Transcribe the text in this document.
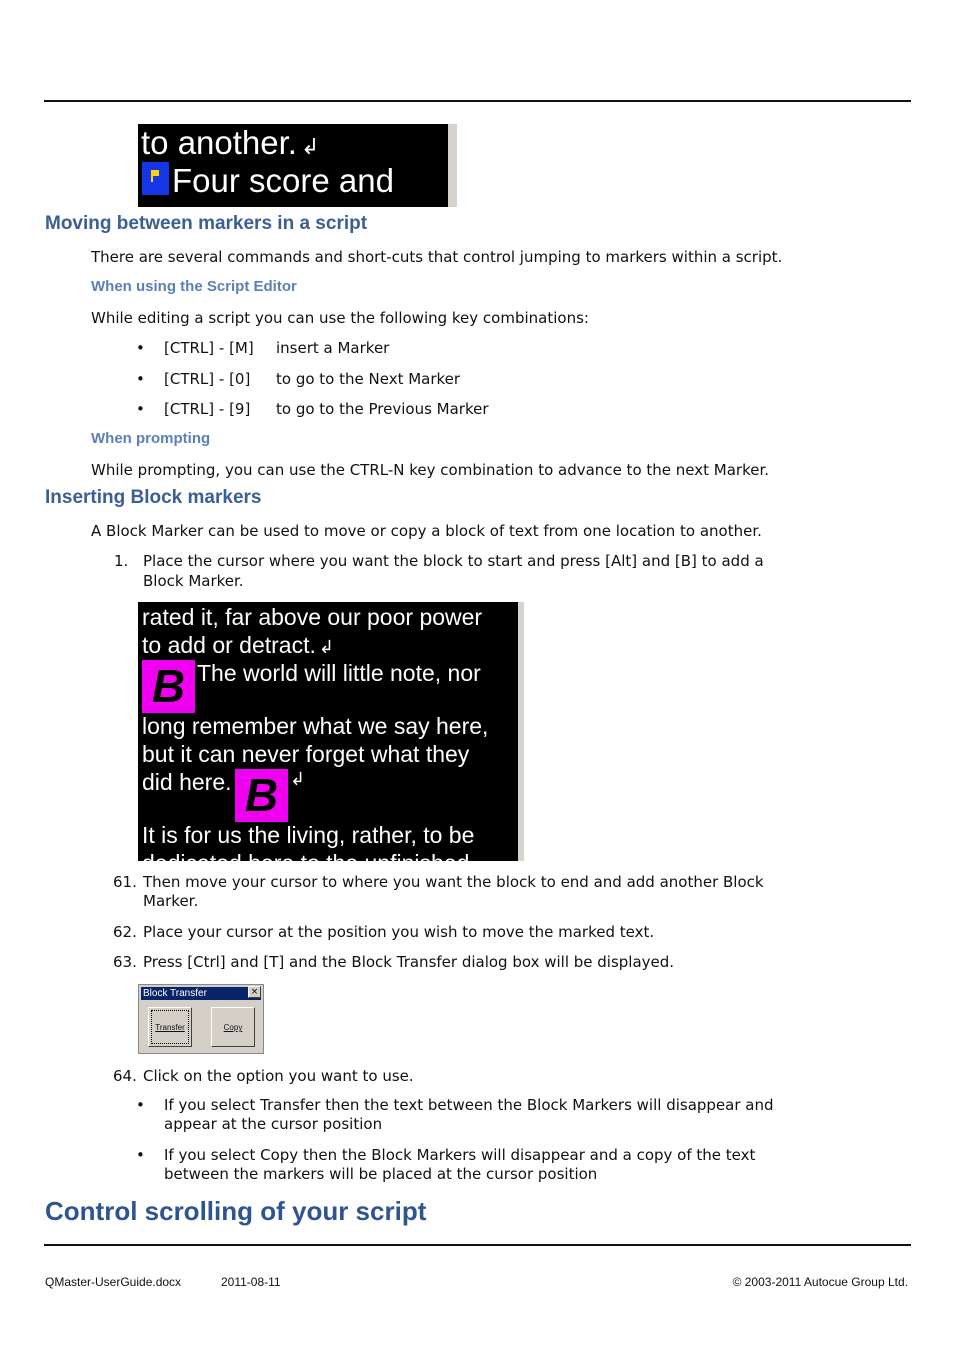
to another. ↲
Four score and
Moving between markers in a script
There are several commands and short-cuts that control jumping to markers within a script.
When using the Script Editor
While editing a script you can use the following key combinations:
• [CTRL] - [M] insert a Marker
• [CTRL] - [0] to go to the Next Marker
• [CTRL] - [9] to go to the Previous Marker
When prompting
While prompting, you can use the CTRL-N key combination to advance to the next Marker.
Inserting Block markers
A Block Marker can be used to move or copy a block of text from one location to another.
1. Place the cursor where you want the block to start and press [Alt] and [B] to add a
Block Marker.
rated it, far above our poor power
to add or detract. ↲
B The world will little note, nor
long remember what we say here,
but it can never forget what they
did here. B ↲
It is for us the living, rather, to be
dedicated here to the unfinished
61. Then move your cursor to where you want the block to end and add another Block
Marker.
62. Place your cursor at the position you wish to move the marked text.
63. Press [Ctrl] and [T] and the Block Transfer dialog box will be displayed.
Block Transfer	×
Transfer	Copy
64. Click on the option you want to use.
• If you select Transfer then the text between the Block Markers will disappear and
appear at the cursor position
• If you select Copy then the Block Markers will disappear and a copy of the text
between the markers will be placed at the cursor position
Control scrolling of your script
QMaster-UserGuide.docx	2011-08-11	© 2003-2011 Autocue Group Ltd.
